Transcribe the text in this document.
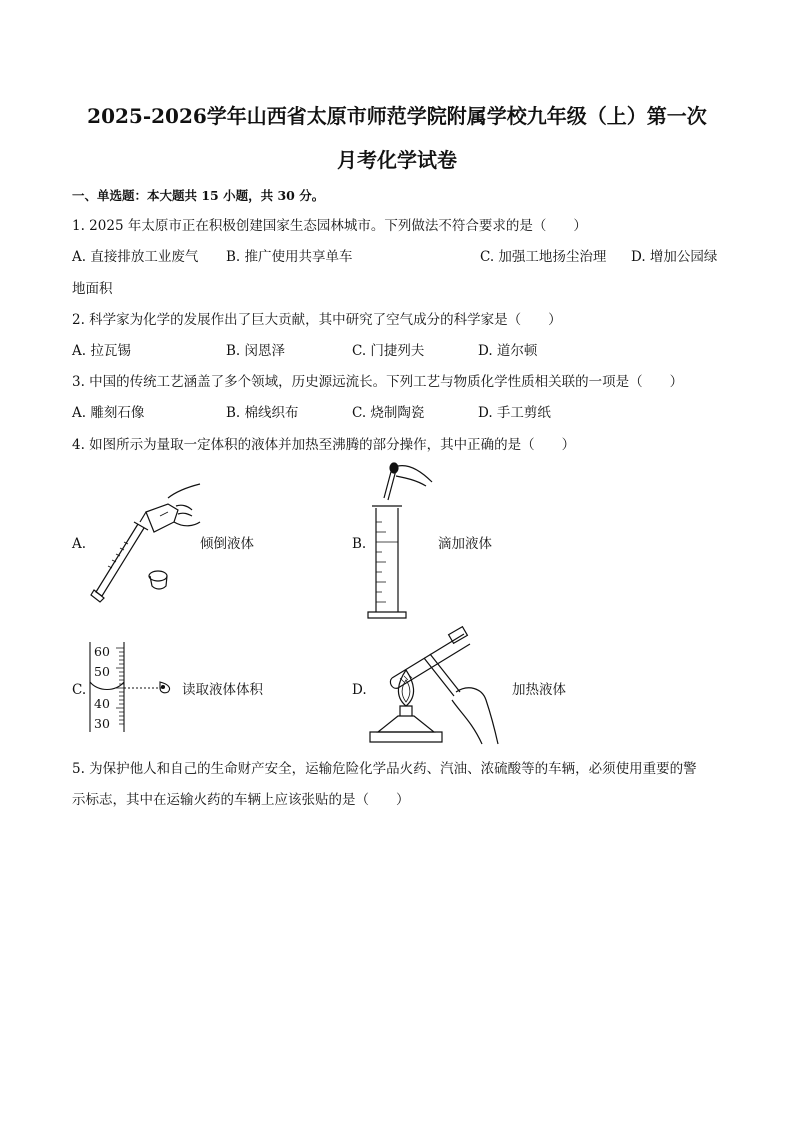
2025-2026学年山西省太原市师范学院附属学校九年级（上）第一次
月考化学试卷
一、单选题：本大题共 15 小题，共 30 分。
1. 2025 年太原市正在积极创建国家生态园林城市。下列做法不符合要求的是（　　）
A. 直接排放工业废气 B. 推广使用共享单车	C. 加强工地扬尘治理 D. 增加公园绿
地面积
2. 科学家为化学的发展作出了巨大贡献，其中研究了空气成分的科学家是（　　）
A. 拉瓦锡	B. 闵恩泽	C. 门捷列夫	D. 道尔顿
3. 中国的传统工艺涵盖了多个领域，历史源远流长。下列工艺与物质化学性质相关联的一项是（　　）
A. 雕刻石像	B. 棉线织布	C. 烧制陶瓷	D. 手工剪纸
4. 如图所示为量取一定体积的液体并加热至沸腾的部分操作，其中正确的是（　　）
A.	倾倒液体	B.	滴加液体
C.
60
50
40
30
读取液体体积	D.	加热液体
5. 为保护他人和自己的生命财产安全，运输危险化学品火药、汽油、浓硫酸等的车辆，必须使用重要的警
示标志，其中在运输火药的车辆上应该张贴的是（　　）
